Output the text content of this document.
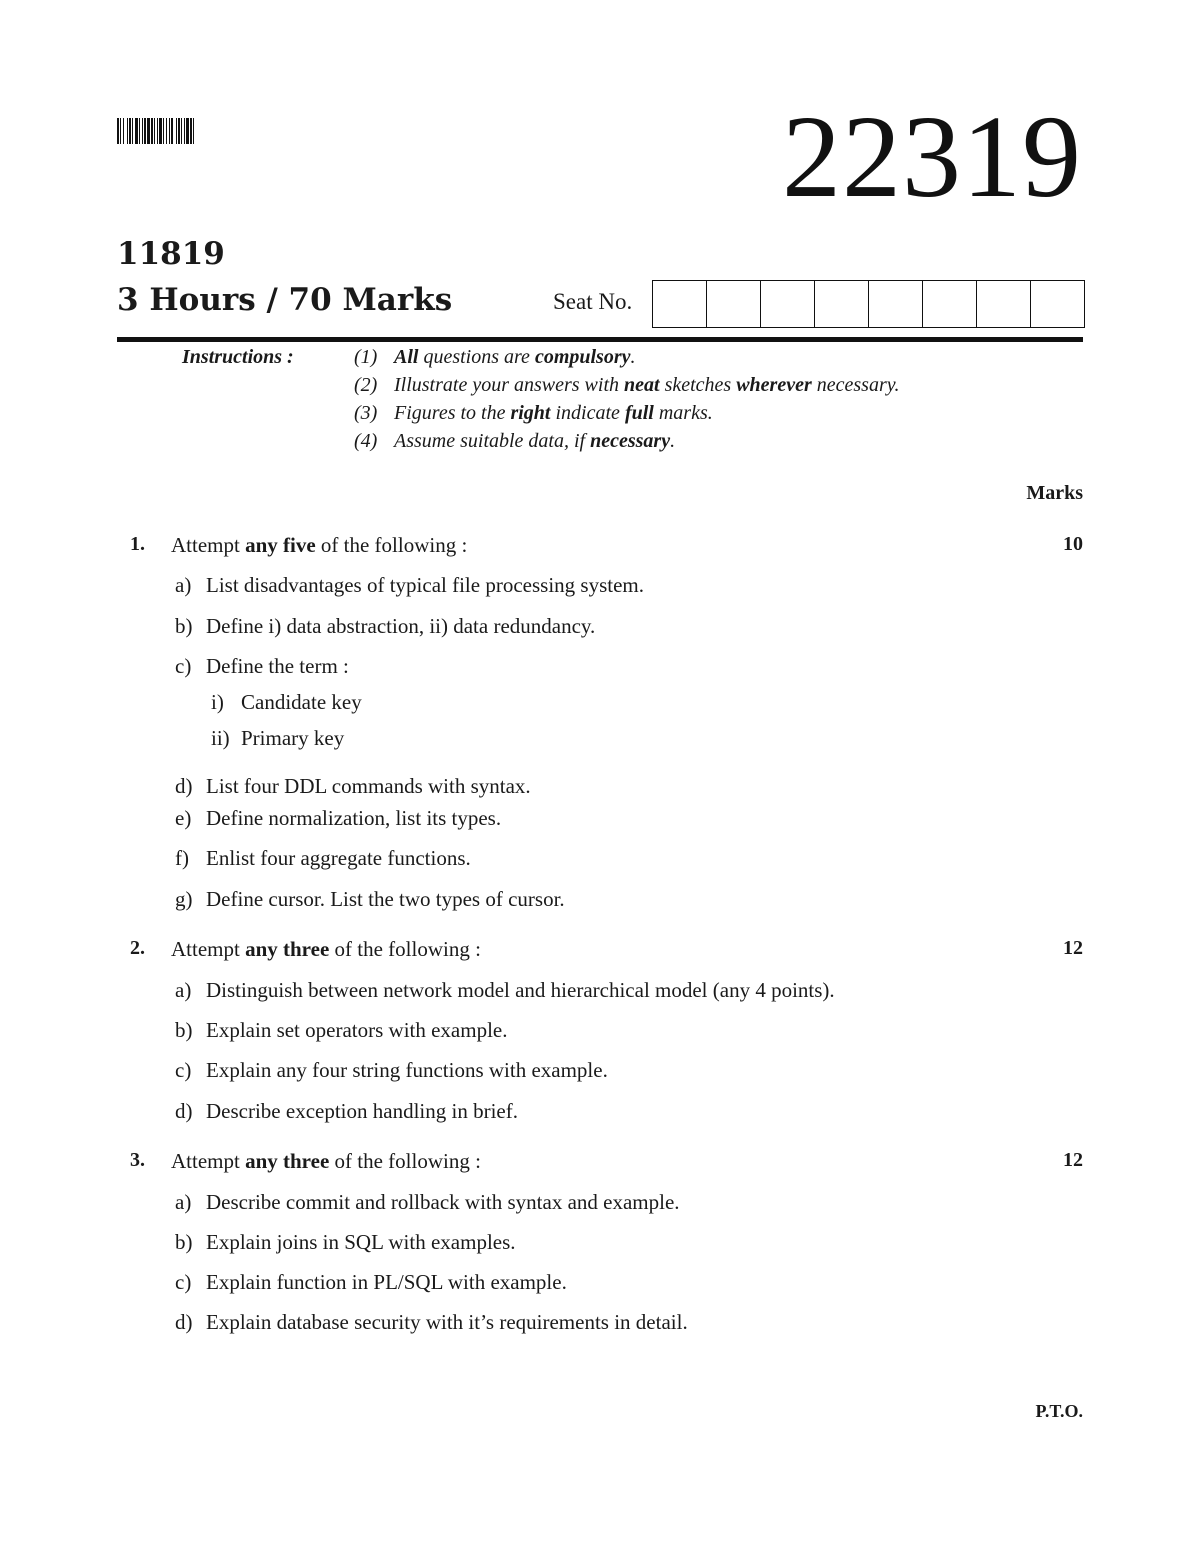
22319
11819
3 Hours / 70 Marks	Seat No.
Instructions :	(1) All questions are compulsory.
(2) Illustrate your answers with neat sketches wherever necessary.
(3) Figures to the right indicate full marks.
(4) Assume suitable data, if necessary.
Marks
1. Attempt any five of the following :	10
a) List disadvantages of typical file processing system.
b) Define i) data abstraction, ii) data redundancy.
c) Define the term :
i) Candidate key
ii) Primary key
d) List four DDL commands with syntax.
e) Define normalization, list its types.
f) Enlist four aggregate functions.
g) Define cursor. List the two types of cursor.
2. Attempt any three of the following :	12
a) Distinguish between network model and hierarchical model (any 4 points).
b) Explain set operators with example.
c) Explain any four string functions with example.
d) Describe exception handling in brief.
3. Attempt any three of the following :	12
a) Describe commit and rollback with syntax and example.
b) Explain joins in SQL with examples.
c) Explain function in PL/SQL with example.
d) Explain database security with it’s requirements in detail.
P.T.O.
